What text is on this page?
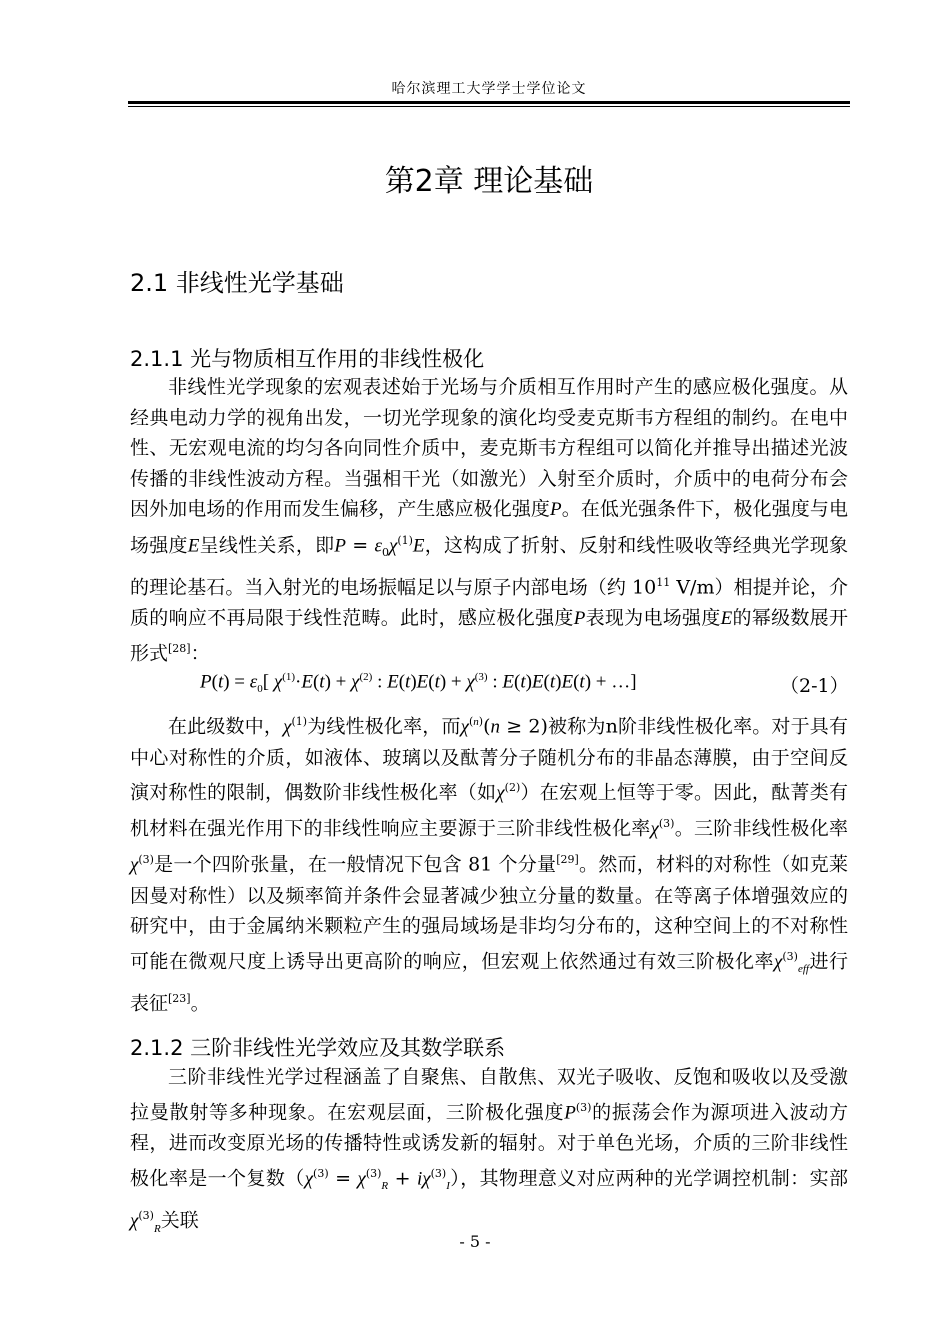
哈尔滨理工大学学士学位论文
第2章 理论基础
2.1 非线性光学基础
2.1.1 光与物质相互作用的非线性极化
非线性光学现象的宏观表述始于光场与介质相互作用时产生的感应极化强度。从经典电动力学的视角出发，一切光学现象的演化均受麦克斯韦方程组的制约。在电中性、无宏观电流的均匀各向同性介质中，麦克斯韦方程组可以简化并推导出描述光波传播的非线性波动方程。当强相干光（如激光）入射至介质时，介质中的电荷分布会因外加电场的作用而发生偏移，产生感应极化强度P。在低光强条件下，极化强度与电场强度E呈线性关系，即$P = \varepsilon_0\chi^{(1)}E$，这构成了折射、反射和线性吸收等经典光学现象的理论基石。当入射光的电场振幅足以与原子内部电场（约 $10^{11}$ V/m）相提并论，介质的响应不再局限于线性范畴。此时，感应极化强度P表现为电场强度E的幂级数展开形式[28]：
$P(t) = \varepsilon_0$[ $\chi^{(1)}\cdot E(t) + \chi^{(2)}$ : $E(t)E(t) + \chi^{(3)}$ : E(t)E(t)E(t) + …]	（2-1）
在此级数中，$\chi^{(1)}$为线性极化率，而$\chi^{(n)}(n \ge 2)$被称为n阶非线性极化率。对于具有中心对称性的介质，如液体、玻璃以及酞菁分子随机分布的非晶态薄膜，由于空间反演对称性的限制，偶数阶非线性极化率（如$\chi^{(2)}$）在宏观上恒等于零。因此，酞菁类有机材料在强光作用下的非线性响应主要源于三阶非线性极化率$\chi^{(3)}$。三阶非线性极化率$\chi^{(3)}$是一个四阶张量，在一般情况下包含 81 个分量[29]。然而，材料的对称性（如克莱因曼对称性）以及频率简并条件会显著减少独立分量的数量。在等离子体增强效应的研究中，由于金属纳米颗粒产生的强局域场是非均匀分布的，这种空间上的不对称性可能在微观尺度上诱导出更高阶的响应，但宏观上依然通过有效三阶极化率$\chi^{(3)}_{eff}$进行表征[23]。
2.1.2 三阶非线性光学效应及其数学联系
三阶非线性光学过程涵盖了自聚焦、自散焦、双光子吸收、反饱和吸收以及受激拉曼散射等多种现象。在宏观层面，三阶极化强度$P^{(3)}$的振荡会作为源项进入波动方程，进而改变原光场的传播特性或诱发新的辐射。对于单色光场，介质的三阶非线性极化率是一个复数$(\chi^{(3)} = \chi^{(3)}_R + i\chi^{(3)}_I)$，其物理意义对应两种的光学调控机制：实部$\chi^{(3)}_R$关联
- 5 -
